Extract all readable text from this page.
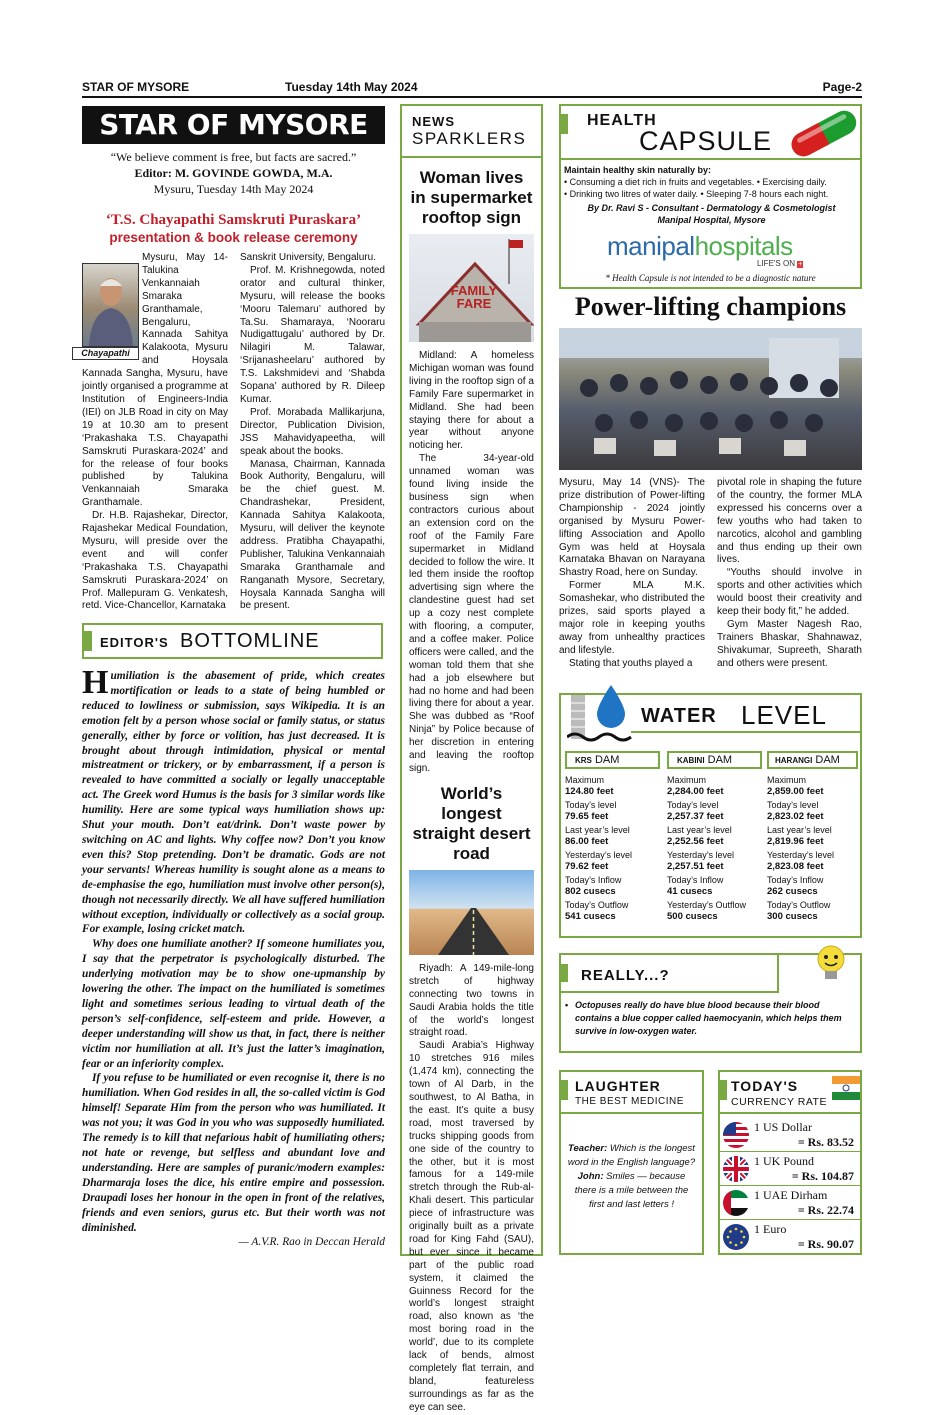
STAR OF MYSORE	Tuesday 14th May 2024	Page-2
STAR OF MYSORE
“We believe comment is free, but facts are sacred.”
Editor: M. GOVINDE GOWDA, M.A.
Mysuru, Tuesday 14th May 2024
‘T.S. Chayapathi Samskruti Puraskara’
presentation & book release ceremony
Chayapathi

Mysuru, May 14- Talukina Venkannaiah Smaraka Granthamale, Bengaluru, Kannada Sahitya Kalakoota, Mysuru and Hoysala Kannada Sangha, Mysuru, have jointly organised a programme at Institution of Engineers-India (IEI) on JLB Road in city on May 19 at 10.30 am to present ‘Prakashaka T.S. Chayapathi Samskruti Puraskara-2024’ and for the release of four books published by Talukina Venkannaiah Smaraka Granthamale.

Dr. H.B. Rajashekar, Director, Rajashekar Medical Foundation, Mysuru, will preside over the event and will confer ‘Prakashaka T.S. Chayapathi Samskruti Puraskara-2024’ on Prof. Mallepuram G. Venkatesh, retd. Vice-Chancellor, Karnataka

Sanskrit University, Bengaluru.

Prof. M. Krishnegowda, noted orator and cultural thinker, Mysuru, will release the books ‘Mooru Talemaru’ authored by Ta.Su. Shamaraya, ‘Nooraru Nudigattugalu’ authored by Dr. Nilagiri M. Talawar, ‘Srijanasheelaru’ authored by T.S. Lakshmidevi and ‘Shabda Sopana’ authored by R. Dileep Kumar.

Prof. Morabada Mallikarjuna, Director, Publication Division, JSS Mahavidyapeetha, will speak about the books.

Manasa, Chairman, Kannada Book Authority, Bengaluru, will be the chief guest. M. Chandrashekar, President, Kannada Sahitya Kalakoota, Mysuru, will deliver the keynote address. Pratibha Chayapathi, Publisher, Talukina Venkannaiah Smaraka Granthamale and Ranganath Mysore, Secretary, Hoysala Kannada Sangha will be present.

EDITOR'S BOTTOMLINE

Humiliation is the abasement of pride, which creates mortification or leads to a state of being humbled or reduced to lowliness or submission, says Wikipedia. It is an emotion felt by a person whose social or family status, or status generally, either by force or volition, has just decreased. It is brought about through intimidation, physical or mental mistreatment or trickery, or by embarrassment, if a person is revealed to have committed a socially or legally unacceptable act. The Greek word Humus is the basis for 3 similar words like humility. Here are some typical ways humiliation shows up: Shut your mouth. Don’t eat/drink. Don’t waste power by switching on AC and lights. Why coffee now? Don’t you know even this? Stop pretending. Don’t be dramatic. Gods are not your servants! Whereas humility is sought alone as a means to de-emphasise the ego, humiliation must involve other person(s), though not necessarily directly. We all have suffered humiliation without exception, individually or collectively as a social group. For example, losing cricket match.

Why does one humiliate another? If someone humiliates you, I say that the perpetrator is psychologically disturbed. The underlying motivation may be to show one-upmanship by lowering the other. The impact on the humiliated is sometimes light and sometimes serious leading to virtual death of the person’s self-confidence, self-esteem and pride. However, a deeper understanding will show us that, in fact, there is neither victim nor humiliation at all. It’s just the latter’s imagination, fear or an inferiority complex.

If you refuse to be humiliated or even recognise it, there is no humiliation. When God resides in all, the so-called victim is God himself! Separate Him from the person who was humiliated. It was not you; it was God in you who was supposedly humiliated. The remedy is to kill that nefarious habit of humiliating others; not hate or revenge, but selfless and abundant love and understanding. Here are samples of puranic/modern examples: Dharmaraja loses the dice, his entire empire and possession. Draupadi loses her honour in the open in front of the relatives, friends and even seniors, gurus etc. But their worth was not diminished.

— A.V.R. Rao in Deccan Herald
NEWS
SPARKLERS
Woman lives in supermarket rooftop sign
FAMILY FARE

Midland: A homeless Michigan woman was found living in the rooftop sign of a Family Fare supermarket in Midland. She had been staying there for about a year without anyone noticing her.

The 34-year-old unnamed woman was found living inside the business sign when contractors curious about an extension cord on the roof of the Family Fare supermarket in Midland decided to follow the wire. It led them inside the rooftop advertising sign where the clandestine guest had set up a cozy nest complete with flooring, a computer, and a coffee maker. Police officers were called, and the woman told them that she had a job elsewhere but had no home and had been living there for about a year. She was dubbed as “Roof Ninja” by Police because of her discretion in entering and leaving the rooftop sign.

World’s longest straight desert road

Riyadh: A 149-mile-long stretch of highway connecting two towns in Saudi Arabia holds the title of the world’s longest straight road.

Saudi Arabia’s Highway 10 stretches 916 miles (1,474 km), connecting the town of Al Darb, in the southwest, to Al Batha, in the east. It’s quite a busy road, most traversed by trucks shipping goods from one side of the country to the other, but it is most famous for a 149-mile stretch through the Rub-al-Khali desert. This particular piece of infrastructure was originally built as a private road for King Fahd (SAU), but ever since it became part of the public road system, it claimed the Guinness Record for the world’s longest straight road, also known as ‘the most boring road in the world’, due to its complete lack of bends, almost completely flat terrain, and bland, featureless surroundings as far as the eye can see.

HEALTH
CAPSULE
Maintain healthy skin naturally by:
• Consuming a diet rich in fruits and vegetables. • Exercising daily.
• Drinking two litres of water daily. • Sleeping 7-8 hours each night.
By Dr. Ravi S - Consultant - Dermatology & Cosmetologist
Manipal Hospital, Mysore
manipalhospitals
LIFE'S ON +
* Health Capsule is not intended to be a diagnostic nature
Power-lifting champions

Mysuru, May 14 (VNS)- The prize distribution of Power-lifting Championship - 2024 jointly organised by Mysuru Power-lifting Association and Apollo Gym was held at Hoysala Karnataka Bhavan on Narayana Shastry Road, here on Sunday.

Former MLA M.K. Somashekar, who distributed the prizes, said sports played a major role in keeping youths away from unhealthy practices and lifestyle.

Stating that youths played a

pivotal role in shaping the future of the country, the former MLA expressed his concerns over a few youths who had taken to narcotics, alcohol and gambling and thus ending up their own lives.

“Youths should involve in sports and other activities which would boost their creativity and keep their body fit,” he added.

Gym Master Nagesh Rao, Trainers Bhaskar, Shahnawaz, Shivakumar, Supreeth, Sharath and others were present.

WATER LEVEL
KRS DAM
Maximum
124.80 feet
Today’s level
79.65 feet
Last year’s level
86.00 feet
Yesterday’s level
79.62 feet
Today’s Inflow
802 cusecs
Today’s Outflow
541 cusecs
KABINI DAM
Maximum
2,284.00 feet
Today’s level
2,257.37 feet
Last year’s level
2,252.56 feet
Yesterday’s level
2,257.51 feet
Today’s Inflow
41 cusecs
Yesterday’s Outflow
500 cusecs
HARANGI DAM
Maximum
2,859.00 feet
Today’s level
2,823.02 feet
Last year’s level
2,819.96 feet
Yesterday’s level
2,823.08 feet
Today’s Inflow
262 cusecs
Today’s Outflow
300 cusecs
REALLY...?
• Octopuses really do have blue blood because their blood contains a blue copper called haemocyanin, which helps them survive in low-oxygen water.
LAUGHTER
THE BEST MEDICINE
Teacher: Which is the longest word in the English language?
John: Smiles — because there is a mile between the first and last letters !
TODAY'S
CURRENCY RATE
1 US Dollar
= Rs. 83.52
1 UK Pound
= Rs. 104.87
1 UAE Dirham
= Rs. 22.74
1 Euro
= Rs. 90.07
